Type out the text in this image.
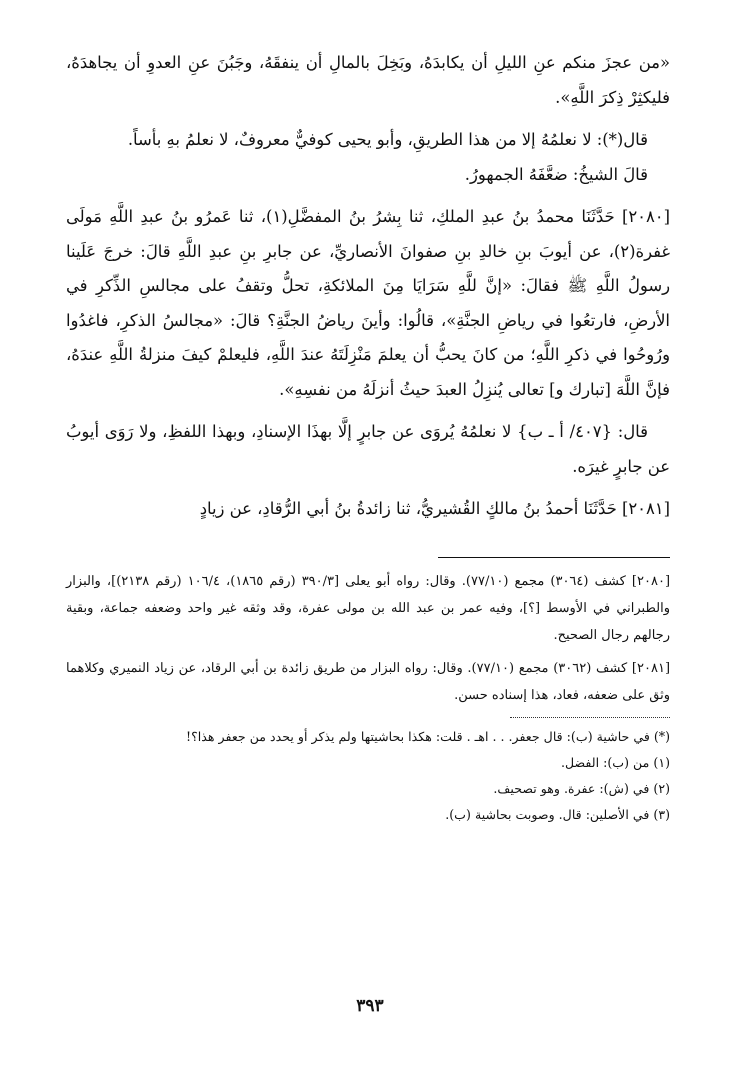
«من عجزَ منكم عنِ الليلِ أن يكابدَهُ، وبَخِلَ بالمالِ أن ينفقَهُ، وجَبُنَ عنِ العدوِ أن يجاهدَهُ، فليكثِرْ ذِكرَ اللَّهِ».

قال(*): لا نعلمُهُ إلا من هذا الطريقِ، وأبو يحيى كوفيٌّ معروفٌ، لا نعلمُ بهِ بأساً.

قالَ الشيخُ: ضعَّفَهُ الجمهورُ.

[٢٠٨٠] حَدَّثَنَا محمدُ بنُ عبدِ الملكِ، ثنا بِشرُ بنُ المفضَّلِ(١)، ثنا عَمرُو بنُ عبدِ اللَّهِ مَولَى غفرة(٢)، عن أيوبَ بنِ خالدِ بنِ صفوانَ الأنصاريِّ، عن جابرِ بنِ عبدِ اللَّهِ قالَ: خرجَ عَلَينا رسولُ اللَّهِ ﷺ فقالَ: «إنَّ للَّهِ سَرَايَا مِنَ الملائكةِ، تحلُّ وتقفُ على مجالسِ الذِّكرِ في الأرضِ، فارتعُوا في رياضِ الجنَّةِ»، قالُوا: وأينَ رياضُ الجنَّةِ؟ قالَ: «مجالسُ الذكرِ، فاغدُوا ورُوحُوا في ذكرِ اللَّهِ؛ من كانَ يحبُّ أن يعلمَ مَنْزِلَتَهُ عندَ اللَّهِ، فليعلمْ كيفَ منزلةُ اللَّهِ عندَهُ، فإنَّ اللَّهَ [تبارك و] تعالى يُنزِلُ العبدَ حيثُ أنزلَهُ من نفسِهِ».

قال: {٤٠٧/ أ ـ ب} لا نعلمُهُ يُروَى عن جابرٍ إلَّا بهذَا الإسنادِ، وبهذا اللفظِ، ولا رَوَى أيوبُ عن جابرٍ غيرَه.

[٢٠٨١] حَدَّثَنَا أحمدُ بنُ مالكٍ القُشيريُّ، ثنا زائدةُ بنُ أبي الرُّقادِ، عن زيادٍ

[٢٠٨٠] كشف (٣٠٦٤) مجمع (٧٧/١٠). وقال: رواه أبو يعلى [٣٩٠/٣ (رقم ١٨٦٥)، ١٠٦/٤ (رقم ٢١٣٨)]، والبزار والطبراني في الأوسط [؟]، وفيه عمر بن عبد الله بن مولى عفرة، وقد وثقه غير واحد وضعفه جماعة، وبقية رجالهم رجال الصحيح.

[٢٠٨١] كشف (٣٠٦٢) مجمع (٧٧/١٠). وقال: رواه البزار من طريق زائدة بن أبي الرقاد، عن زياد النميري وكلاهما وثق على ضعفه، فعاد، هذا إسناده حسن.

(*) في حاشية (ب): قال جعفر. . . اهـ . قلت: هكذا بحاشيتها ولم يذكر أو يحدد من جعفر هذا؟!

(١) من (ب): الفضل.

(٢) في (ش): عفرة. وهو تصحيف.

(٣) في الأصلين: قال. وصوبت بحاشية (ب).

٣٩٣
